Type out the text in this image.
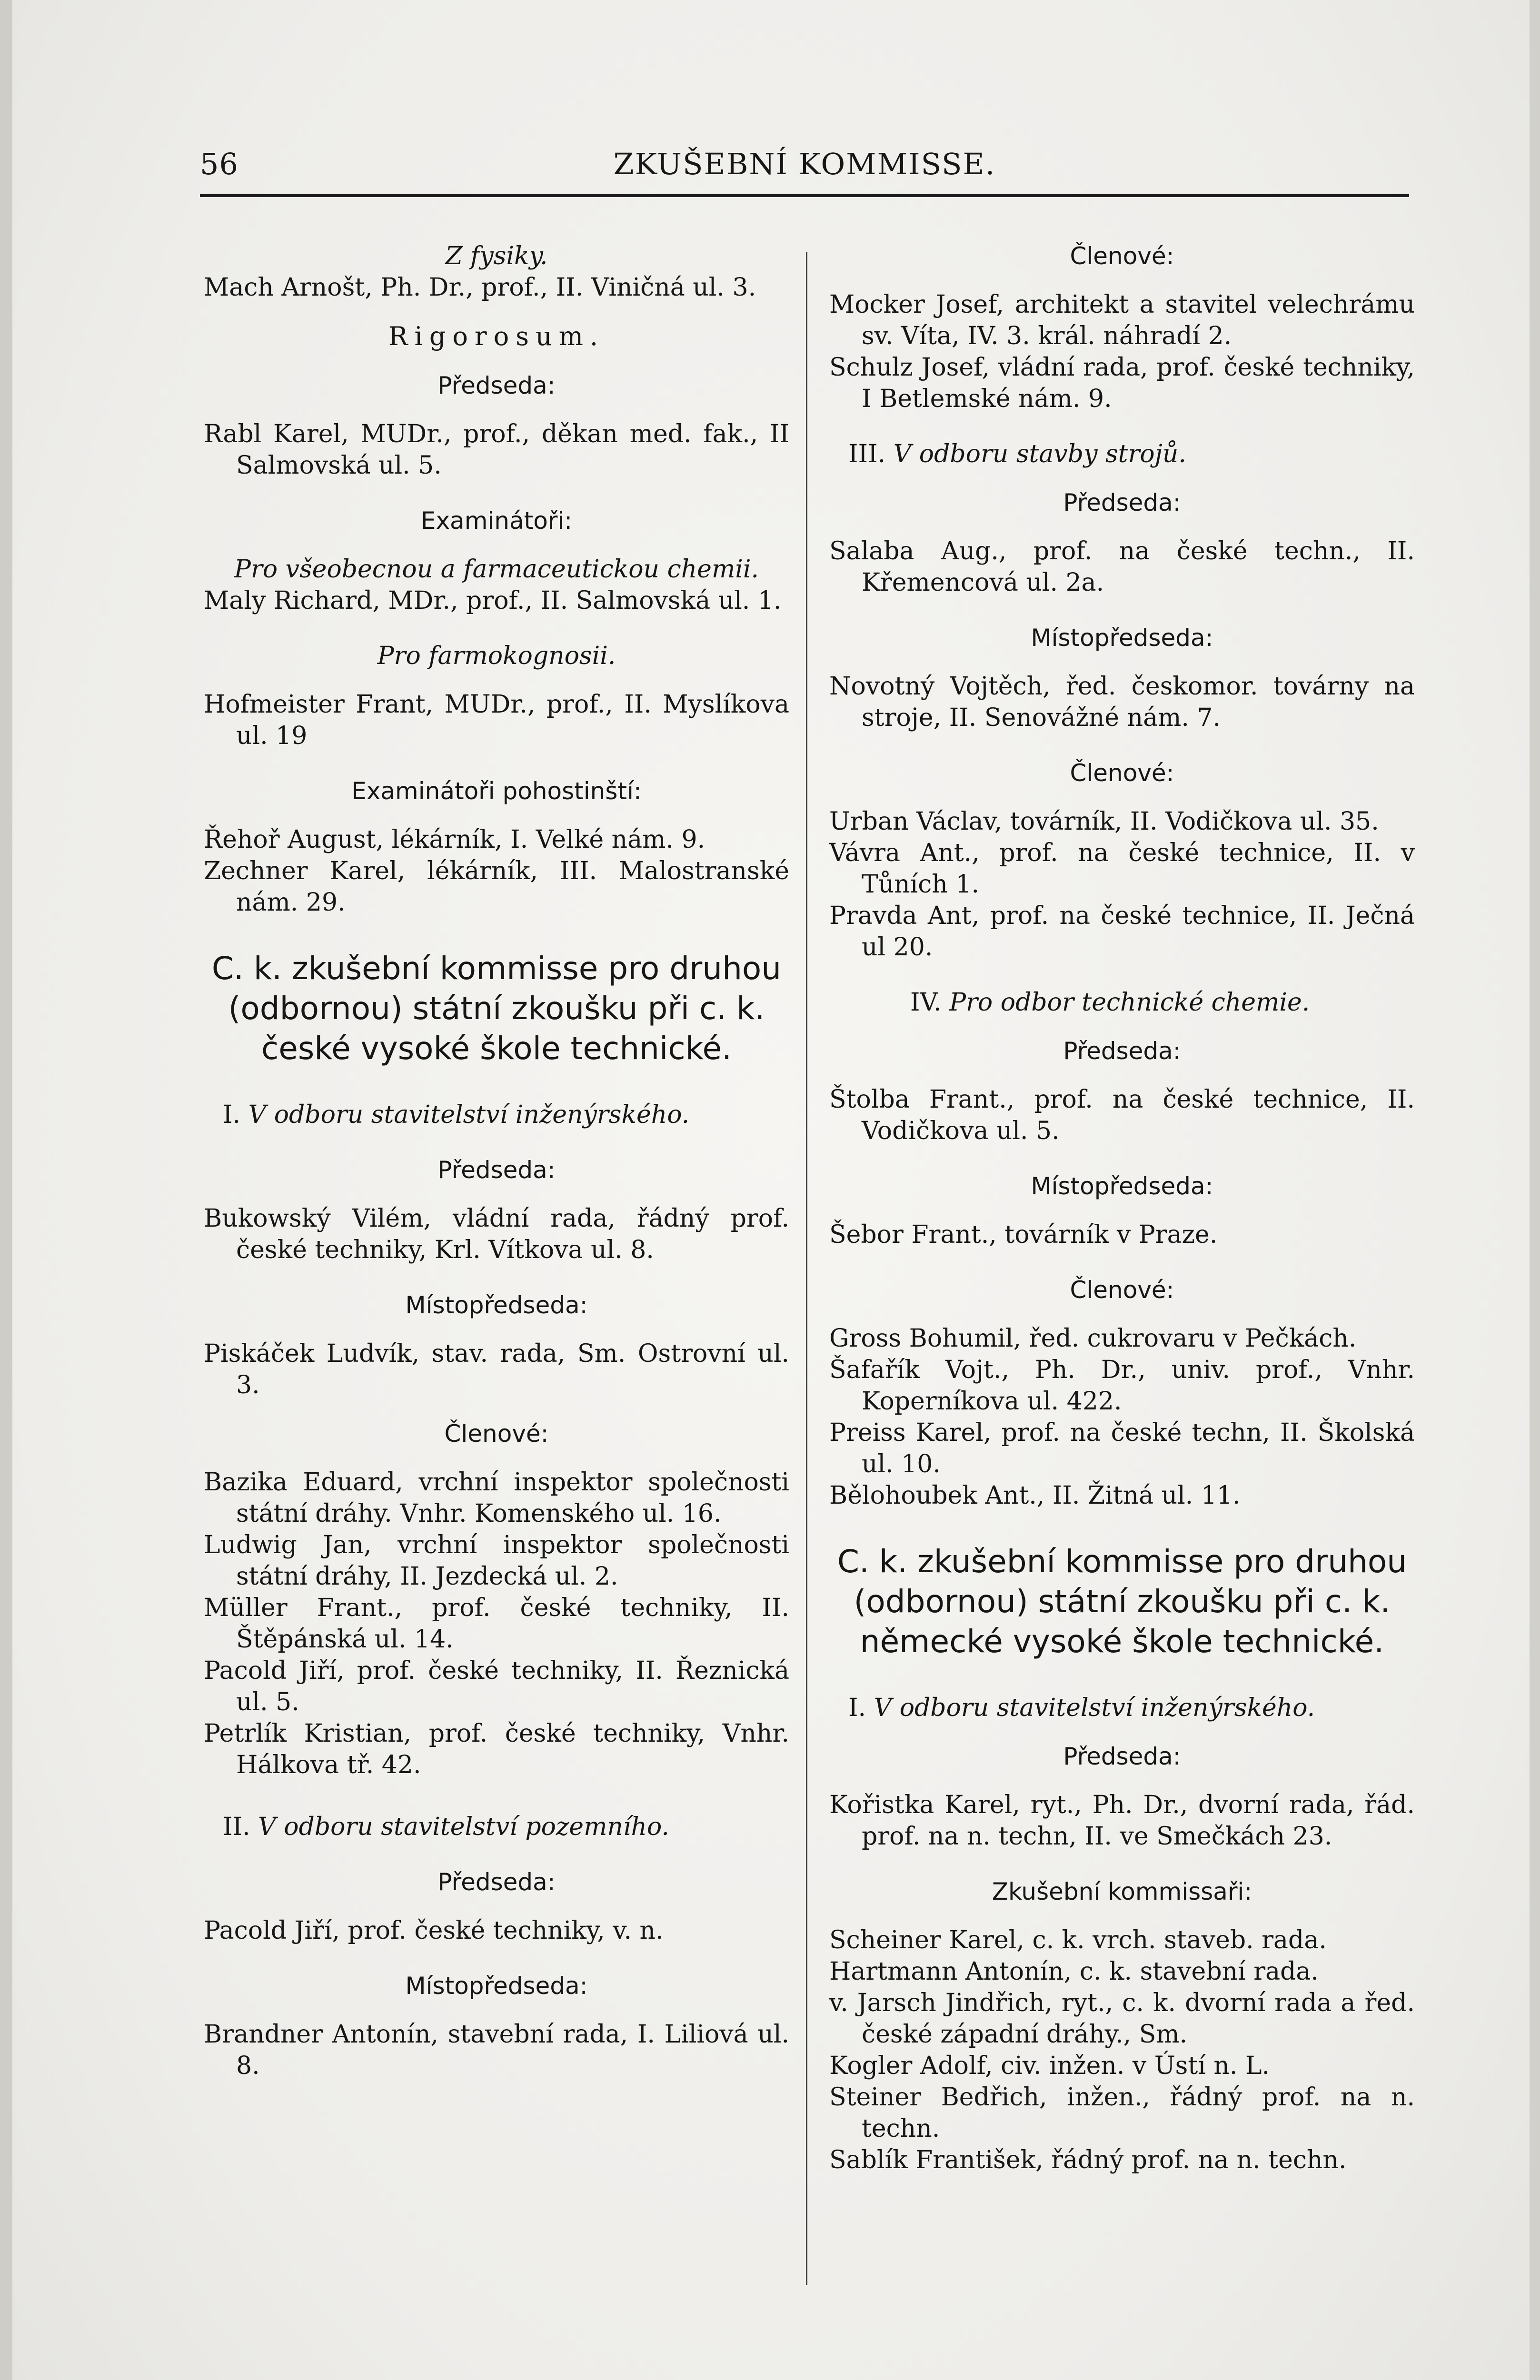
56	ZKUŠEBNÍ KOMMISSE.

Z fysiky.

Mach Arnošt, Ph. Dr., prof., II. Viničná ul. 3.

Rigorosum.

Předseda:

Rabl Karel, MUDr., prof., děkan med. fak., II Salmovská ul. 5.

Examinátoři:

Pro všeobecnou a farmaceutickou chemii.

Maly Richard, MDr., prof., II. Salmovská ul. 1.

Pro farmokognosii.

Hofmeister Frant, MUDr., prof., II. Myslíkova ul. 19

Examinátoři pohostinští:

Řehoř August, lékárník, I. Velké nám. 9.

Zechner Karel, lékárník, III. Malostranské nám. 29.

C. k. zkušební kommisse pro druhou (odbornou) státní zkoušku při c. k. české vysoké škole technické.

I. V odboru stavitelství inženýrského.

Předseda:

Bukowský Vilém, vládní rada, řádný prof. české techniky, Krl. Vítkova ul. 8.

Místopředseda:

Piskáček Ludvík, stav. rada, Sm. Ostrovní ul. 3.

Členové:

Bazika Eduard, vrchní inspektor společnosti státní dráhy. Vnhr. Komenského ul. 16.

Ludwig Jan, vrchní inspektor společnosti státní dráhy, II. Jezdecká ul. 2.

Müller Frant., prof. české techniky, II. Štěpánská ul. 14.

Pacold Jiří, prof. české techniky, II. Řeznická ul. 5.

Petrlík Kristian, prof. české techniky, Vnhr. Hálkova tř. 42.

II. V odboru stavitelství pozemního.

Předseda:

Pacold Jiří, prof. české techniky, v. n.

Místopředseda:

Brandner Antonín, stavební rada, I. Liliová ul. 8.

Členové:

Mocker Josef, architekt a stavitel velechrámu sv. Víta, IV. 3. král. náhradí 2.

Schulz Josef, vládní rada, prof. české techniky, I Betlemské nám. 9.

III. V odboru stavby strojů.

Předseda:

Salaba Aug., prof. na české techn., II. Křemencová ul. 2a.

Místopředseda:

Novotný Vojtěch, řed. českomor. továrny na stroje, II. Senovážné nám. 7.

Členové:

Urban Václav, továrník, II. Vodičkova ul. 35.

Vávra Ant., prof. na české technice, II. v Tůních 1.

Pravda Ant, prof. na české technice, II. Ječná ul 20.

IV. Pro odbor technické chemie.

Předseda:

Štolba Frant., prof. na české technice, II. Vodičkova ul. 5.

Místopředseda:

Šebor Frant., továrník v Praze.

Členové:

Gross Bohumil, řed. cukrovaru v Pečkách.

Šafařík Vojt., Ph. Dr., univ. prof., Vnhr. Koperníkova ul. 422.

Preiss Karel, prof. na české techn, II. Školská ul. 10.

Bělohoubek Ant., II. Žitná ul. 11.

C. k. zkušební kommisse pro druhou (odbornou) státní zkoušku při c. k. německé vysoké škole technické.

I. V odboru stavitelství inženýrského.

Předseda:

Kořistka Karel, ryt., Ph. Dr., dvorní rada, řád. prof. na n. techn, II. ve Smečkách 23.

Zkušební kommissaři:

Scheiner Karel, c. k. vrch. staveb. rada.

Hartmann Antonín, c. k. stavební rada.

v. Jarsch Jindřich, ryt., c. k. dvorní rada a řed. české západní dráhy., Sm.

Kogler Adolf, civ. inžen. v Ústí n. L.

Steiner Bedřich, inžen., řádný prof. na n. techn.

Sablík František, řádný prof. na n. techn.
